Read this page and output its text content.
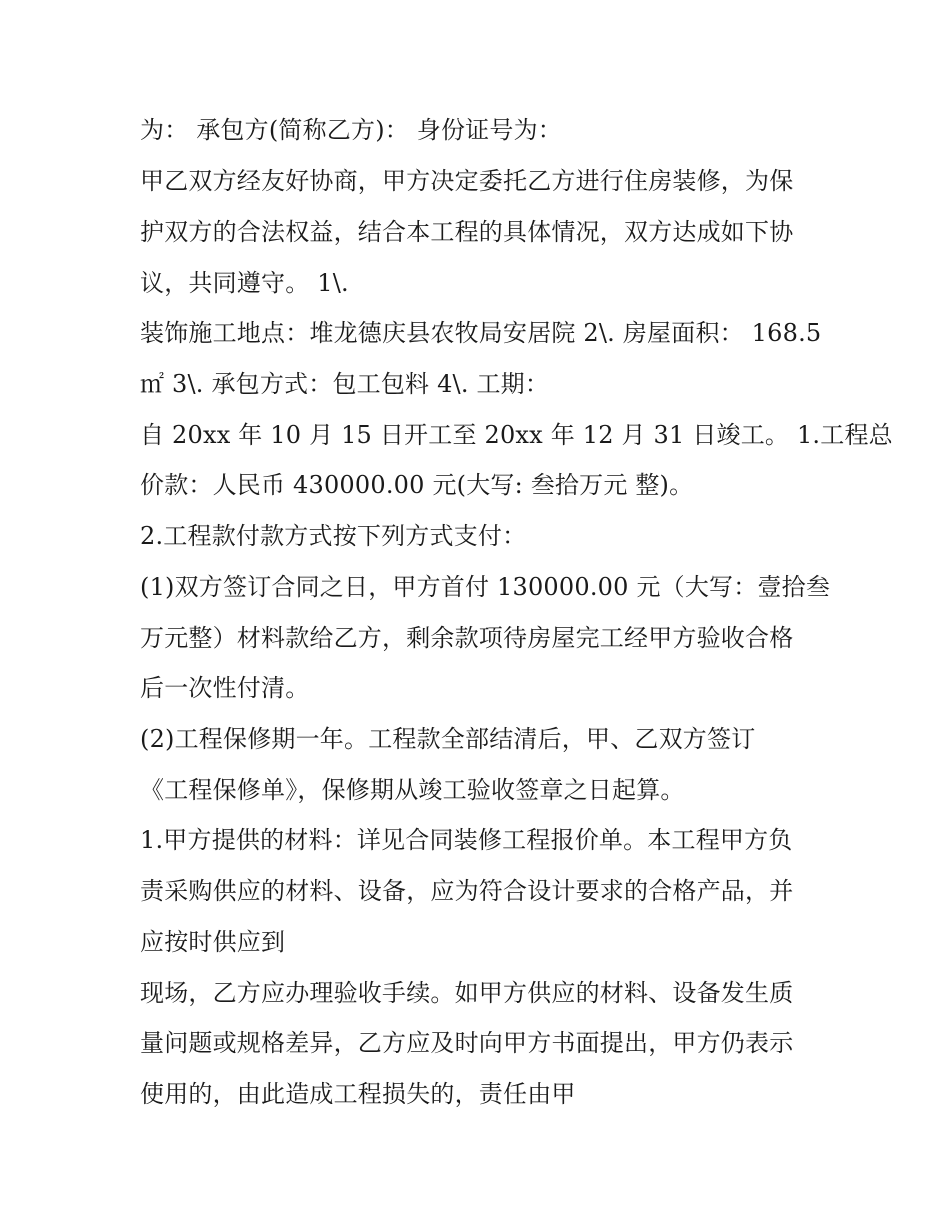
为： 承包方(简称乙方)： 身份证号为：
甲乙双方经友好协商，甲方决定委托乙方进行住房装修，为保
护双方的合法权益，结合本工程的具体情况，双方达成如下协
议，共同遵守。 1\.
装饰施工地点：堆龙德庆县农牧局安居院 2\. 房屋面积： 168.5
㎡ 3\. 承包方式：包工包料 4\. 工期：
自 20xx 年 10 月 15 日开工至 20xx 年 12 月 31 日竣工。 1.工程总
价款：人民币 430000.00 元(大写: 叁拾万元 整)。
2.工程款付款方式按下列方式支付：
(1)双方签订合同之日，甲方首付 130000.00 元（大写：壹拾叁
万元整）材料款给乙方，剩余款项待房屋完工经甲方验收合格
后一次性付清。
(2)工程保修期一年。工程款全部结清后，甲、乙双方签订
《工程保修单》，保修期从竣工验收签章之日起算。
1.甲方提供的材料：详见合同装修工程报价单。本工程甲方负
责采购供应的材料、设备，应为符合设计要求的合格产品，并
应按时供应到
现场，乙方应办理验收手续。如甲方供应的材料、设备发生质
量问题或规格差异，乙方应及时向甲方书面提出，甲方仍表示
使用的，由此造成工程损失的，责任由甲
